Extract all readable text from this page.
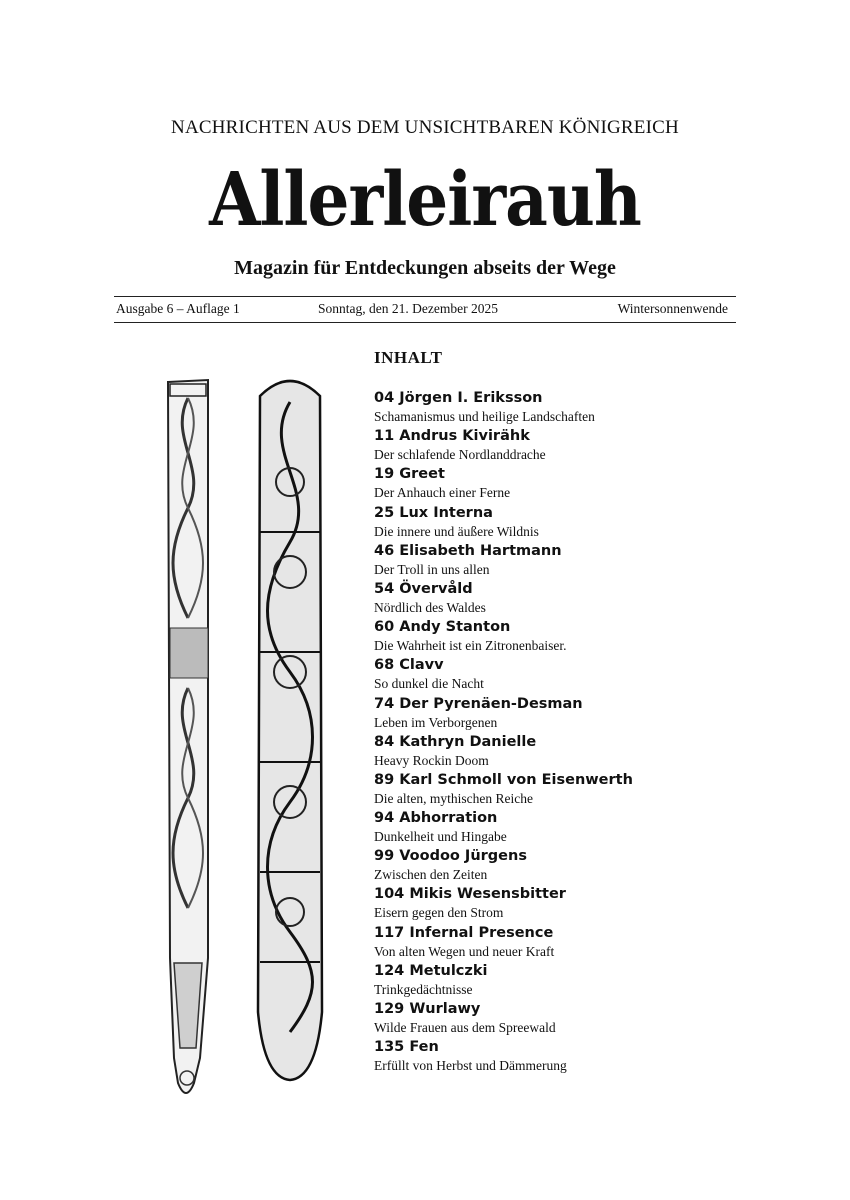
NACHRICHTEN AUS DEM UNSICHTBAREN KÖNIGREICH
Allerleirauh
Magazin für Entdeckungen abseits der Wege
Ausgabe 6 – Auflage 1	Sonntag, den 21. Dezember 2025	Wintersonnenwende
INHALT
04 Jörgen I. Eriksson
Schamanismus und heilige Landschaften
11 Andrus Kivirähk
Der schlafende Nordlanddrache
19 Greet
Der Anhauch einer Ferne
25 Lux Interna
Die innere und äußere Wildnis
46 Elisabeth Hartmann
Der Troll in uns allen
54 Övervåld
Nördlich des Waldes
60 Andy Stanton
Die Wahrheit ist ein Zitronenbaiser.
68 Clavv
So dunkel die Nacht
74 Der Pyrenäen-Desman
Leben im Verborgenen
84 Kathryn Danielle
Heavy Rockin Doom
89 Karl Schmoll von Eisenwerth
Die alten, mythischen Reiche
94 Abhorration
Dunkelheit und Hingabe
99 Voodoo Jürgens
Zwischen den Zeiten
104 Mikis Wesensbitter
Eisern gegen den Strom
117 Infernal Presence
Von alten Wegen und neuer Kraft
124 Metulczki
Trinkgedächtnisse
129 Wurlawy
Wilde Frauen aus dem Spreewald
135 Fen
Erfüllt von Herbst und Dämmerung
